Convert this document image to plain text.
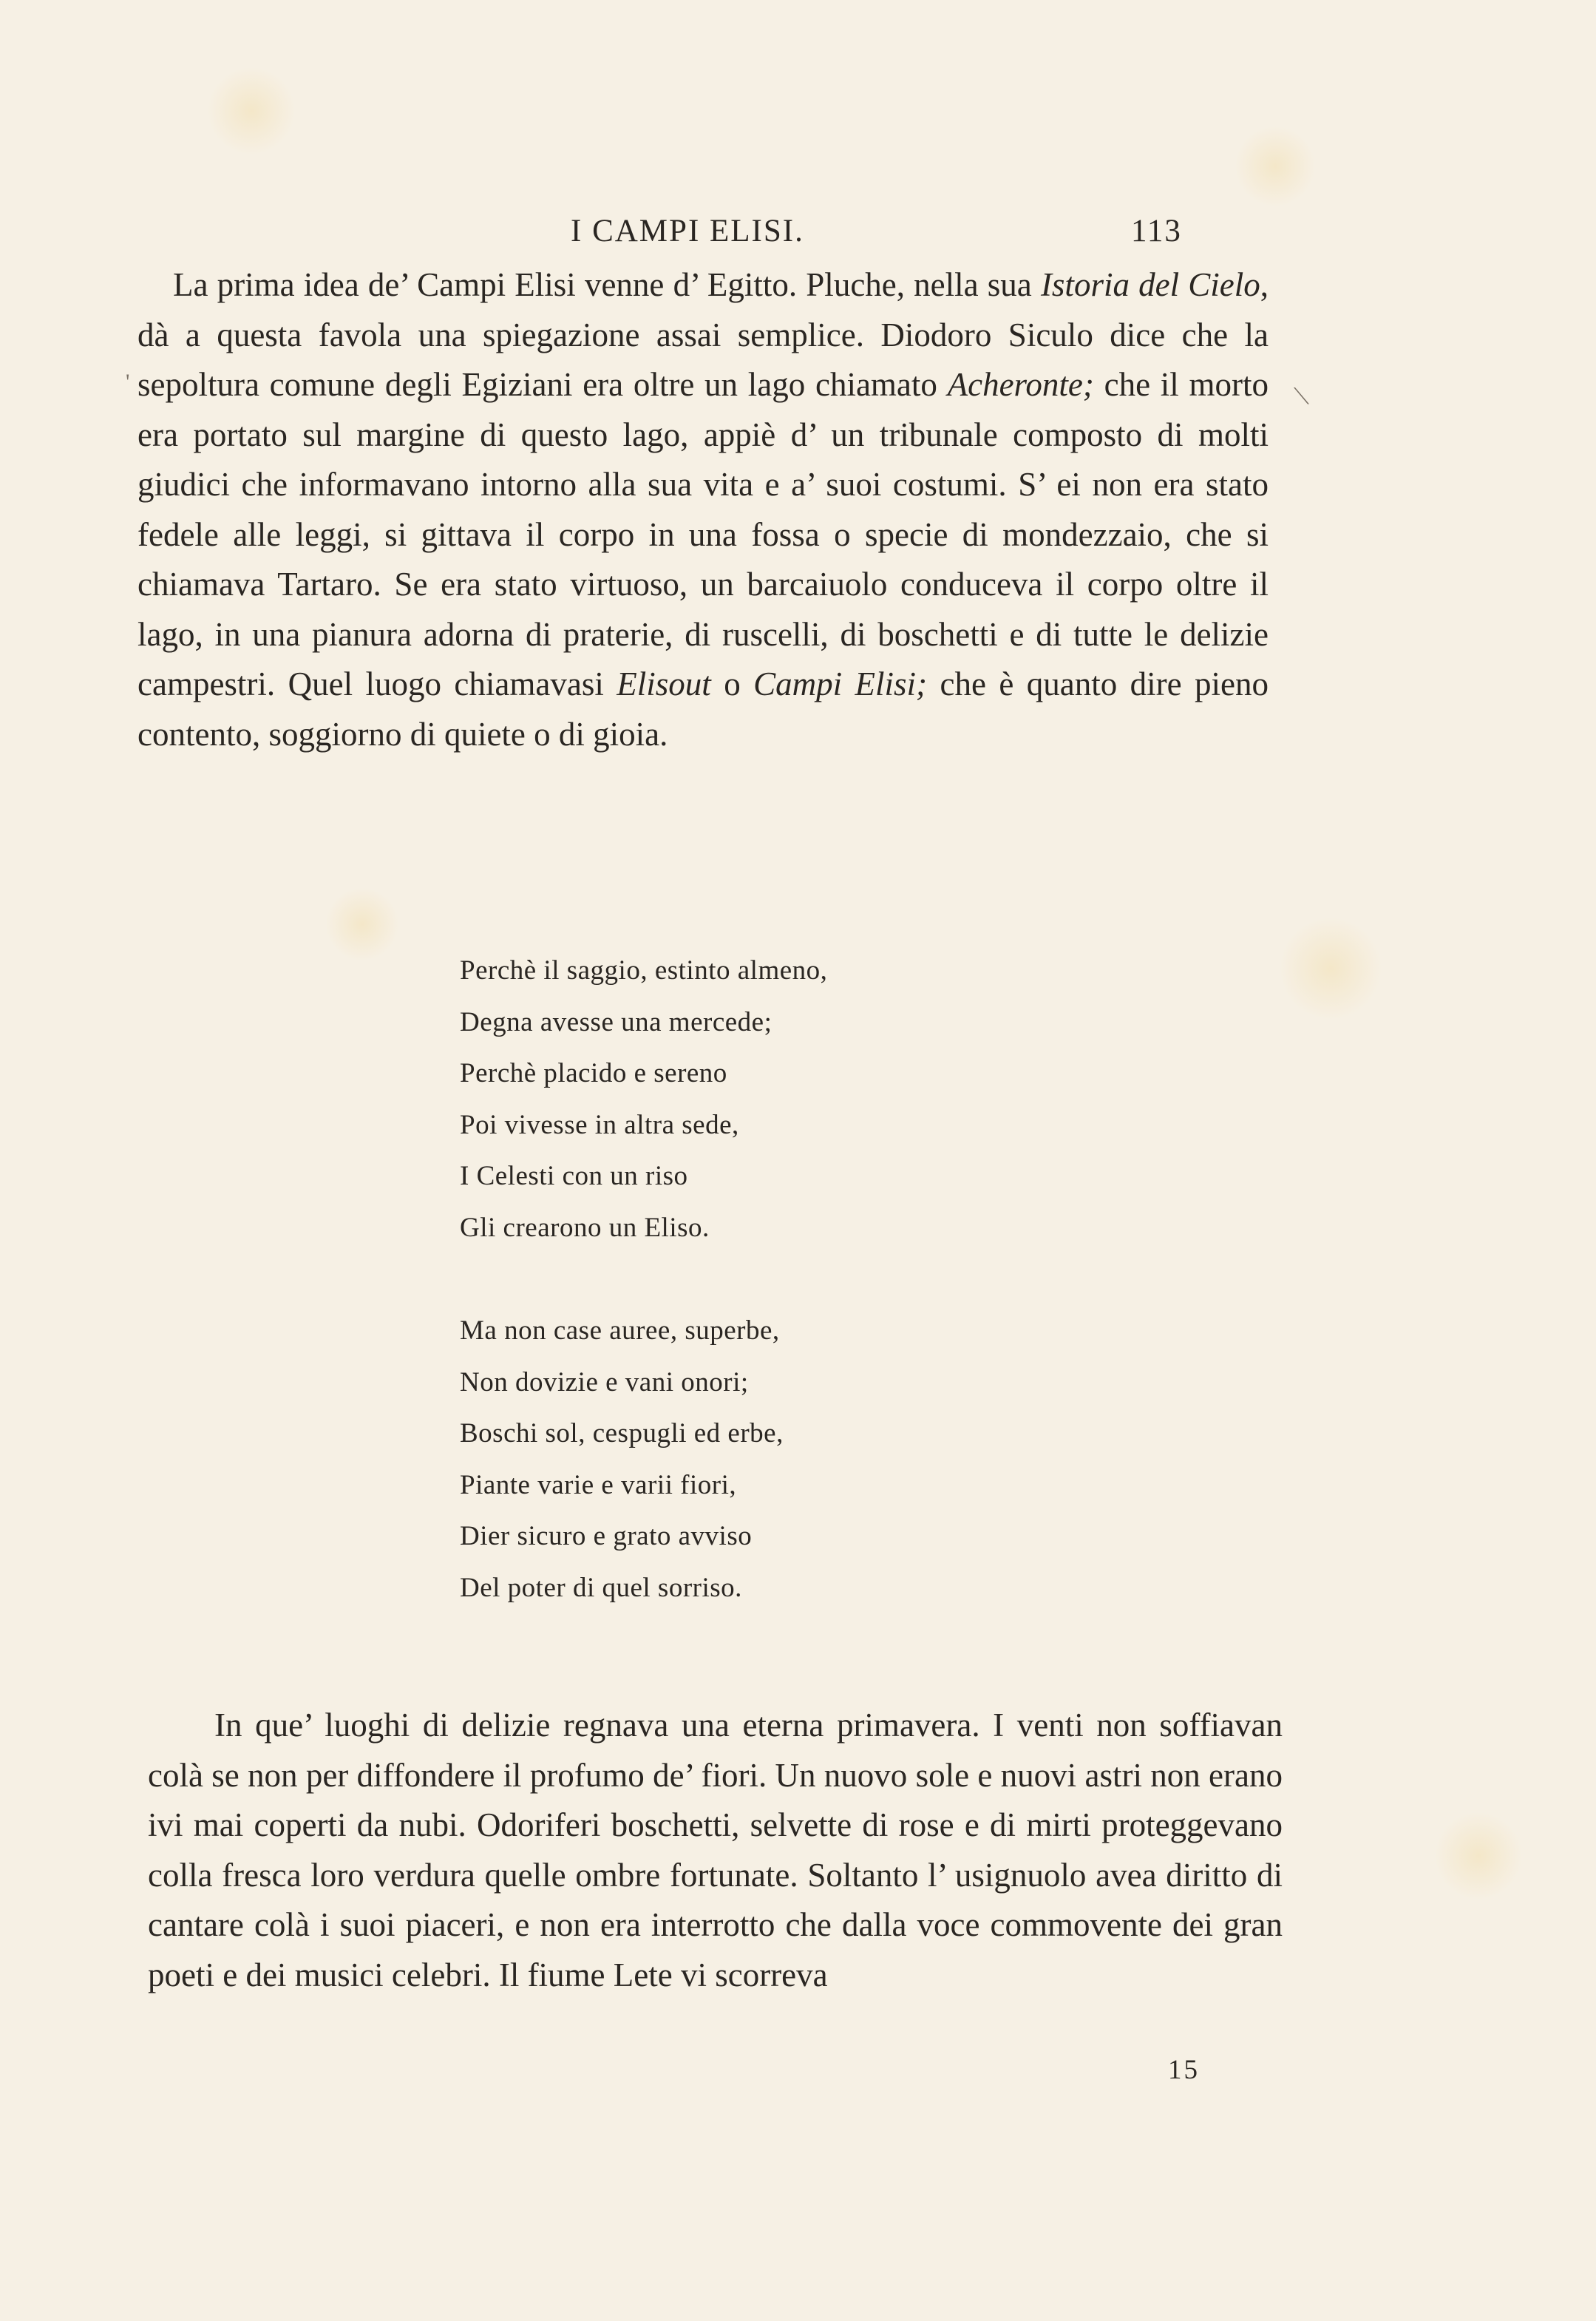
'
⟍
I CAMPI ELISI.	113

La prima idea de’ Campi Elisi venne d’ Egitto. Pluche, nella sua Istoria del Cielo, dà a questa favola una spiegazione assai semplice. Diodoro Siculo dice che la sepoltura comune degli Egiziani era oltre un lago chiamato Acheronte; che il morto era portato sul margine di questo lago, appiè d’ un tribunale composto di molti giudici che informavano intorno alla sua vita e a’ suoi costumi. S’ ei non era stato fedele alle leggi, si gittava il corpo in una fossa o specie di mondezzaio, che si chiamava Tartaro. Se era stato virtuoso, un barcaiuolo conduceva il corpo oltre il lago, in una pianura adorna di praterie, di ruscelli, di boschetti e di tutte le delizie campestri. Quel luogo chiamavasi Elisout o Campi Elisi; che è quanto dire pieno contento, soggiorno di quiete o di gioia.

Perchè il saggio, estinto almeno,
Degna avesse una mercede;
Perchè placido e sereno
Poi vivesse in altra sede,
I Celesti con un riso
Gli crearono un Eliso.
Ma non case auree, superbe,
Non dovizie e vani onori;
Boschi sol, cespugli ed erbe,
Piante varie e varii fiori,
Dier sicuro e grato avviso
Del poter di quel sorriso.

In que’ luoghi di delizie regnava una eterna primavera. I venti non soffiavan colà se non per diffondere il profumo de’ fiori. Un nuovo sole e nuovi astri non erano ivi mai coperti da nubi. Odoriferi boschetti, selvette di rose e di mirti proteggevano colla fresca loro verdura quelle ombre fortunate. Soltanto l’ usignuolo avea diritto di cantare colà i suoi piaceri, e non era interrotto che dalla voce commovente dei gran poeti e dei musici celebri. Il fiume Lete vi scorreva

15
